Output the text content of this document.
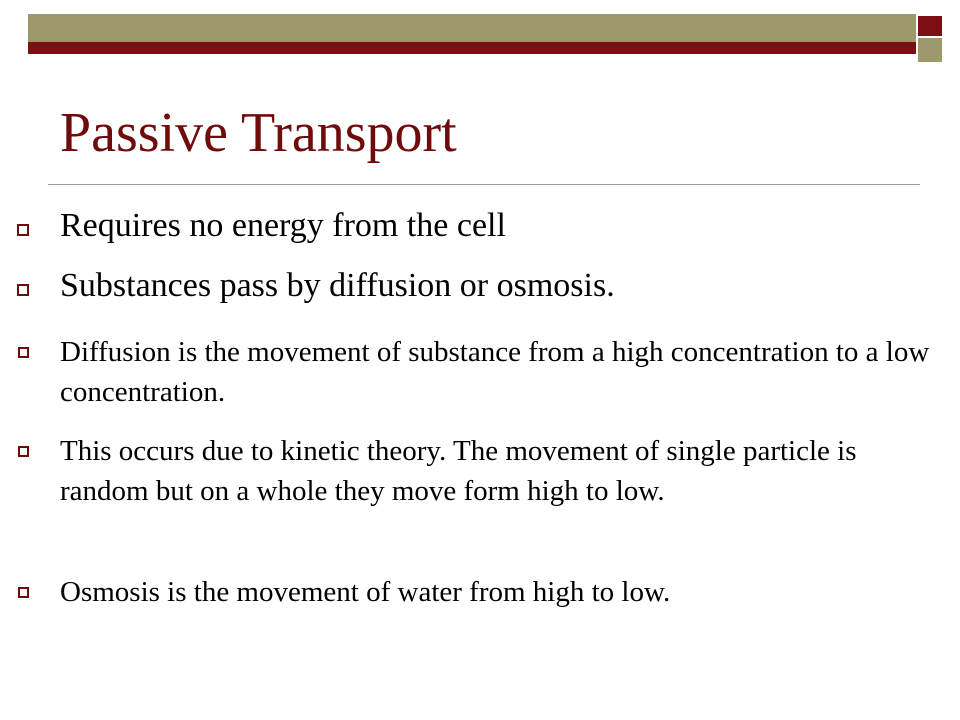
Passive Transport
Requires no energy from the cell
Substances pass by diffusion or osmosis.
Diffusion is the movement of substance from a high concentration to a low concentration.
This occurs due to kinetic theory. The movement of single particle is random but on a whole they move form high to low.
Osmosis is the movement of water from high to low.
